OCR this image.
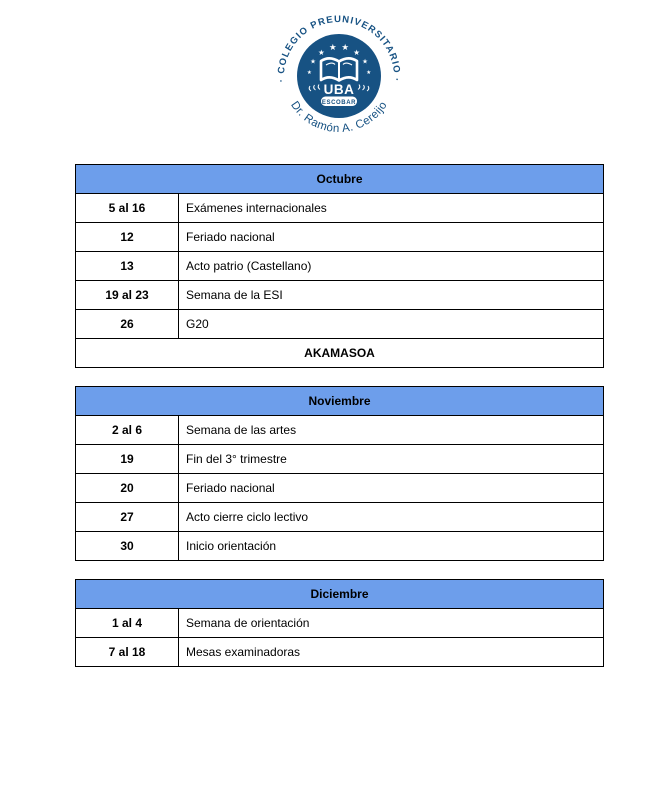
· COLEGIO PREUNIVERSITARIO ·
★ ★
★	★
★	★
★	★
UBA
ESCOBAR
Dr. Ramón A. Cereijo
Octubre	
5 al 16	Exámenes internacionales
12	Feriado nacional
13	Acto patrio (Castellano)
19 al 23	Semana de la ESI
26	G20
AKAMASOA	
Noviembre	
2 al 6	Semana de las artes
19	Fin del 3° trimestre
20	Feriado nacional
27	Acto cierre ciclo lectivo
30	Inicio orientación
Diciembre	
1 al 4	Semana de orientación
7 al 18	Mesas examinadoras
